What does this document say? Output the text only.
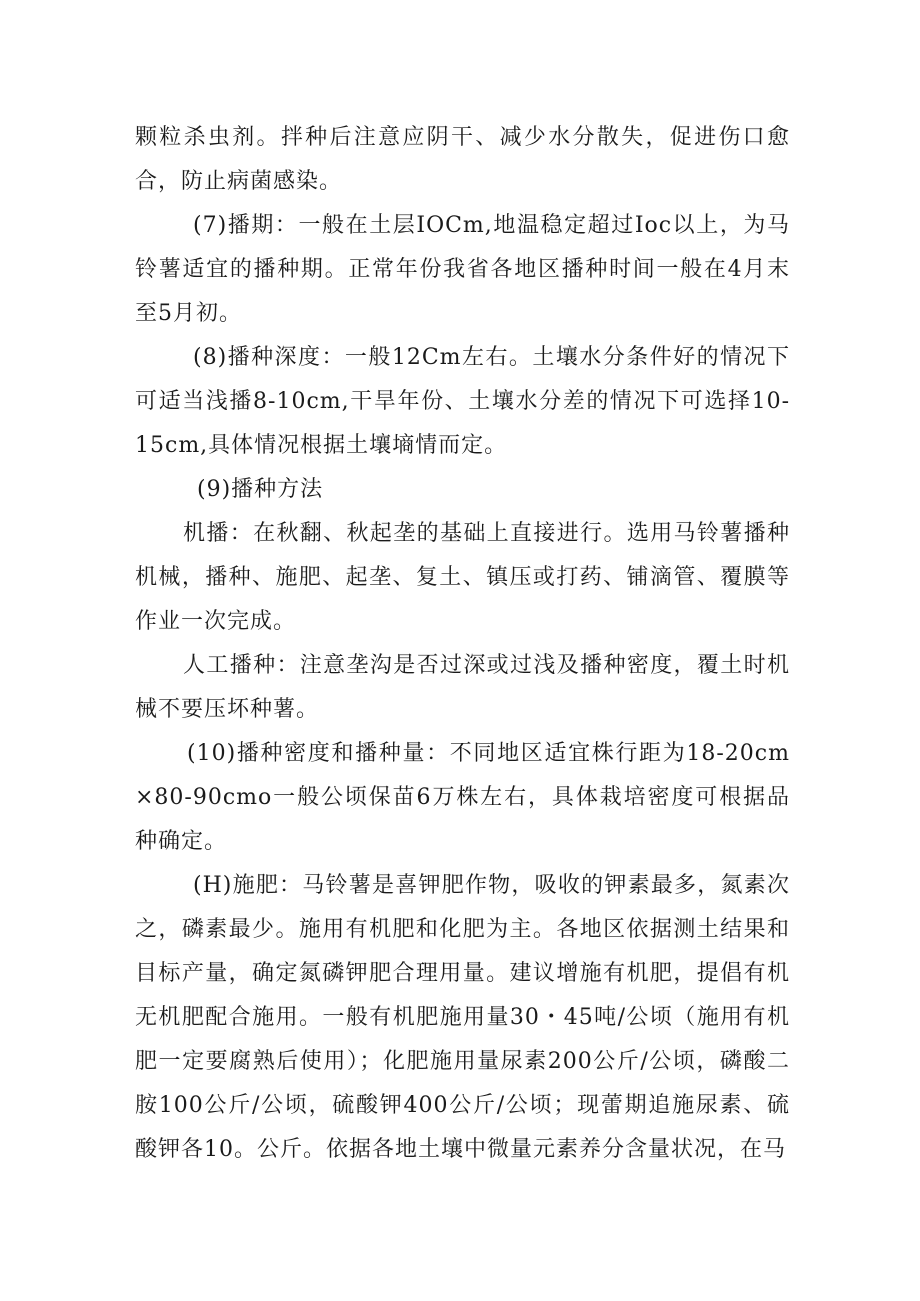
颗粒杀虫剂。拌种后注意应阴干、减少水分散失，促进伤口愈合，防止病菌感染。

(7)播期：一般在土层IOCm,地温稳定超过Ioc以上，为马铃薯适宜的播种期。正常年份我省各地区播种时间一般在4月末至5月初。

(8)播种深度：一般12Cm左右。土壤水分条件好的情况下可适当浅播8-10cm,干旱年份、土壤水分差的情况下可选择10-15cm,具体情况根据土壤墒情而定。

(9)播种方法

机播：在秋翻、秋起垄的基础上直接进行。选用马铃薯播种机械，播种、施肥、起垄、复土、镇压或打药、铺滴管、覆膜等作业一次完成。

人工播种：注意垄沟是否过深或过浅及播种密度，覆土时机械不要压坏种薯。

(10)播种密度和播种量：不同地区适宜株行距为18-20cm×80-90cmo一般公顷保苗6万株左右，具体栽培密度可根据品种确定。

(H)施肥：马铃薯是喜钾肥作物，吸收的钾素最多，氮素次之，磷素最少。施用有机肥和化肥为主。各地区依据测土结果和目标产量，确定氮磷钾肥合理用量。建议增施有机肥，提倡有机无机肥配合施用。一般有机肥施用量30・45吨/公顷（施用有机肥一定要腐熟后使用）；化肥施用量尿素200公斤/公顷，磷酸二胺100公斤/公顷，硫酸钾400公斤/公顷；现蕾期追施尿素、硫酸钾各10。公斤。依据各地土壤中微量元素养分含量状况，在马
